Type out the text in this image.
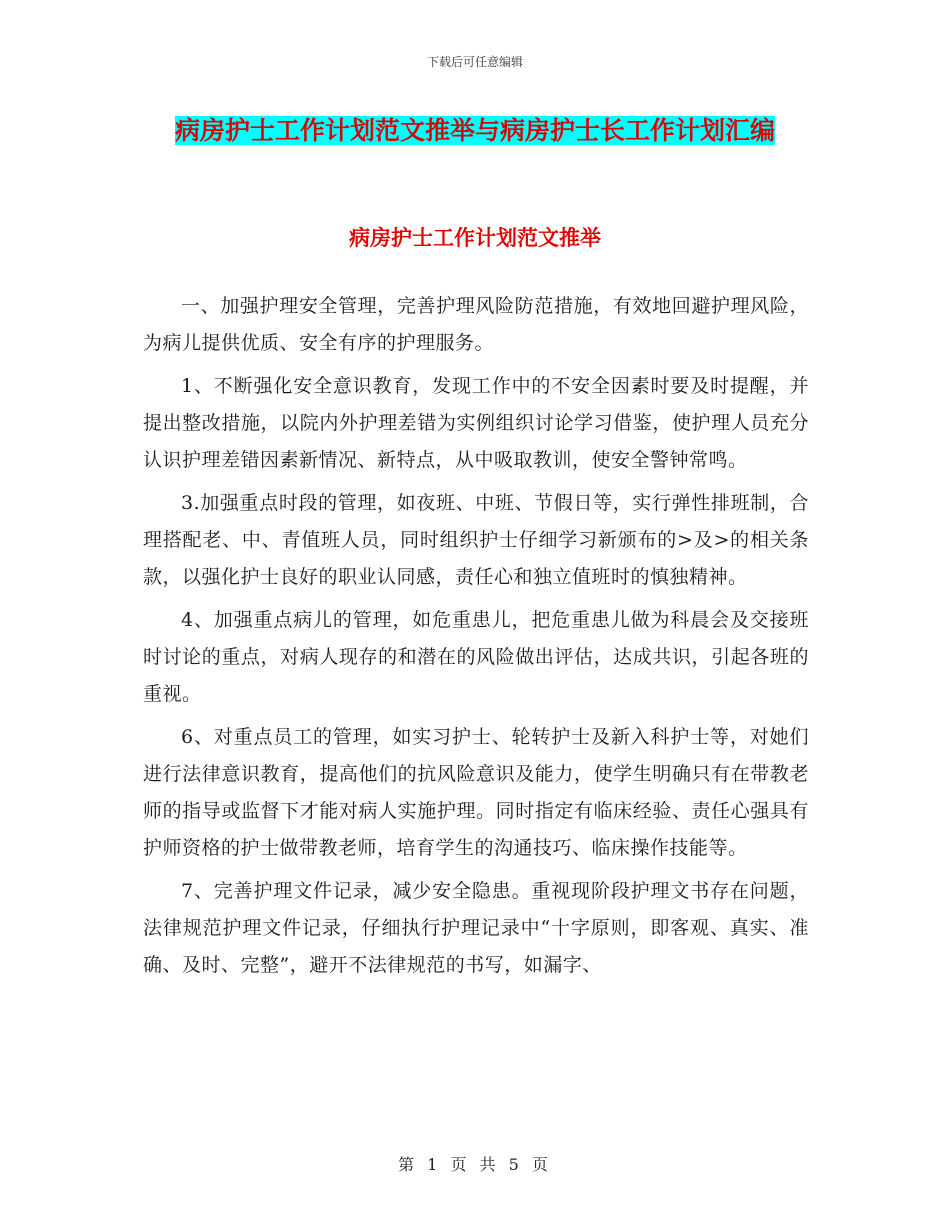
下载后可任意编辑
病房护士工作计划范文推举与病房护士长工作计划汇编
病房护士工作计划范文推举

一、加强护理安全管理，完善护理风险防范措施，有效地回避护理风险，为病儿提供优质、安全有序的护理服务。

1、不断强化安全意识教育，发现工作中的不安全因素时要及时提醒，并提出整改措施，以院内外护理差错为实例组织讨论学习借鉴，使护理人员充分认识护理差错因素新情况、新特点，从中吸取教训，使安全警钟常鸣。

3.加强重点时段的管理，如夜班、中班、节假日等，实行弹性排班制，合理搭配老、中、青值班人员，同时组织护士仔细学习新颁布的>及>的相关条款，以强化护士良好的职业认同感，责任心和独立值班时的慎独精神。

4、加强重点病儿的管理，如危重患儿，把危重患儿做为科晨会及交接班时讨论的重点，对病人现存的和潜在的风险做出评估，达成共识，引起各班的重视。

6、对重点员工的管理，如实习护士、轮转护士及新入科护士等，对她们进行法律意识教育，提高他们的抗风险意识及能力，使学生明确只有在带教老师的指导或监督下才能对病人实施护理。同时指定有临床经验、责任心强具有护师资格的护士做带教老师，培育学生的沟通技巧、临床操作技能等。

7、完善护理文件记录，减少安全隐患。重视现阶段护理文书存在问题，法律规范护理文件记录，仔细执行护理记录中“十字原则，即客观、真实、准确、及时、完整”，避开不法律规范的书写，如漏字、

第 1 页 共 5 页
